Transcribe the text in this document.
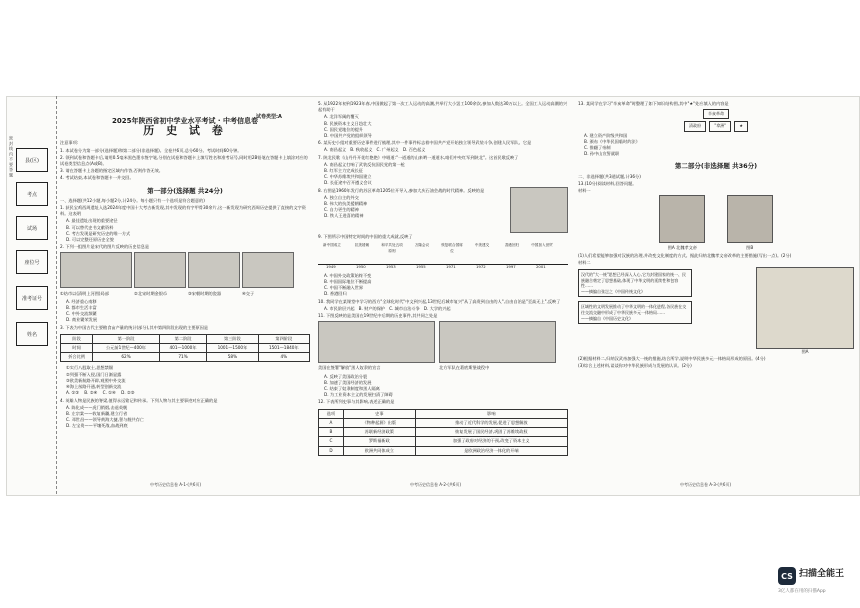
密 封 线 内 不 要 答 题	县(区)
考点
试场
座位号
准考证号
姓名
试卷类型:A
2025年陕西省初中学业水平考试 · 中考信息卷
历 史 试 卷
注意事项:
1. 本试卷分为第一部分(选择题)和第二部分(非选择题)。全卷共6页,总分60分。考试时间60分钟。
2. 领到试卷和答题卡后,请用0.5毫米黑色墨水签字笔,分别在试卷和答题卡上填写姓名和准考证号,同时用2B铅笔在答题卡上填涂对应的试卷类型信息点(A或B)。
3. 请在答题卡上各题的指定区域内作答,否则作答无效。
4. 考试结束,本试卷和答题卡一并交回。
第一部分(选择题 共24分)
一、选择题(共12小题,每小题2分,计24分。每小题只有一个选项是符合题意的)
1. 获民宝鸡西周遗址入选2024年度中国十大考古新发现,其中发现的有字甲骨30余片,这一新发现为研究西周历史提供了直接的文字资料。这表明
A. 最佳遗址出现的重要途径
B. 可以替代史书文献资料
C. 考古发现是研究历史的唯一方式
D. 可以完整还原历史全貌
2. 下列一组图片是宋代的图片反映的历史信息是
①结市以(清明上河图)局部	②北宋时期金银币	③宋朝时期的瓷器	④交子
A. 经济重心南移
B. 都市生活丰富
C. 中外交流频繁
D. 商业繁荣发展
3. 下表为中国古代主要粮食亩产量的统计(部分),其中第四阶段出现的主要原因是
阶段	第一阶段	第二阶段	第三阶段	第四阶段
时间	公元前1世纪—400年	401—1000年	1001—1500年	1501—1840年
折合比例	62%	71%	58%	4%
①实行八股取士,思想禁锢
②列强不断入侵,国门日渐显露
③欧美新航路开辟,观照中外交流
④海上丝路开通,转型创新交流
A. ①③ B. ②④ C. ①④ D. ②③
4. 英雄人物是民族的脊梁,值得永远铭记和传承。下列人物与其主要事迹对应正确的是
A. 陈化成——虎门销烟,击退英舰
B. 左宗棠——收复新疆,建立行省
C. 邓世昌——领导黄海大捷,誓与舰共存亡
D. 左宝贵——平壤死战,血战到底
5. 从1922年初到1923年春,中国掀起了第一次工人运动的高潮,共举行大小罢工100余次,参加人数达30万以上。全国工人运动高潮的兴起有助于
A. 北洋军阀的覆灭
B. 民族资本主义日趋壮大
C. 国民党地位的提升
D. 中国共产党的组织领导
6. 某历史小组对重要历史事件进行梳理,其中一件事件标志着中国共产党开始独立领导武装斗争,创建人民军队。它是
A. 南昌起义 B. 秋收起义 C. 广州起义 D. 百色起义
7. 陕北民歌《山丹丹开花红艳艳》中唱道:"一道道的山来哟一道道水,咱们中央红军到陕北"。这首民歌反映了
A. 南昌起义打响了武装反抗国民党的第一枪
B. 红军主力完成长征
C. 中华苏维埃共和国建立
D. 长征途中召开遵义会议
8. 右图是1960年发行的苏区革命1205位开导入,参加大庆石油会战的时代精神。反映的是
A. 独立自主的外交
B. 伟大的抗美援朝精神
C. 自力更生的精神
D. 铁人王进喜的精神
9. 下图所示中国特定时间的中国的重大成就,反映了
新中国成立	抗美援朝	和平共处五项原则
万隆会议	恢复联合国席位
中美建交	香港回归	中国加入世贸
1949	1950	1953	1955	1971	1972	1997	2001
A. 中国外交政策始终不变
B. 中国国际地位不断提高
C. 中国不断融入世界
D. 香港回归
10. 我同学在某课堂中学习的西方"全球化时代"中文到兴起,13世纪后城市复兴"从了高贵到自由的人",自由自治是"至高无上",反映了
A. 市民阶层兴起 B. 财产的保护 C. 城市自治斗争 D. 大学的兴起
11. 下图反映的是美国在19世纪中后期的历史事件,其共同之处是
美国在签署"解放"黑人奴隶的宣言	北方军队在葛底斯堡战役中
A. 反映了美国政治分裂
B. 加速了美国经济的发展
C. 结束了奴隶制度和黑人隔离
D. 为工业资本主义的发展扫清了障碍
12. 下表所列史事与其影响,表述正确的是
选项	史事	影响
A	《物种起源》出版	推动了近代科学的发展,促进了思想解放
B	苏联新经济政策	恢复发展了国民经济,巩固了苏维埃政权
C	罗斯福新政	加强了政府对经济的干预,改变了资本主义
D	欧洲共同体成立	是欧洲政治经济一体化的开端
13. 某同学在学习"辛亥革命"时整理了如下知识结构图,其中"★"处应填入的内容是
辛亥革命
清政府	"拿洲"	★
A. 建立资产阶级共和国
B. 颁布《中华民国临时约法》
C. 推翻了帝制
D. 孙中山宣誓就职
第二部分(非选择题 共36分)
二、非选择题(共3道试题,计36分)
13.(10分)阅读材料,回答问题。
材料一

图A 北魏孝文帝	图B
(1)人们希望能够加强对汉族的治理,并改变文化制度的方式。据此归纳北魏孝文帝改革的主要措施(写出一点)。(2分)
材料二
汉代的"大一统"思想已经深入人心,它为封建国家的统一、民族融合奠定了思想基础,体现了中华文明的延续性和包容性……
——摘编自张岂之《中国传统文化》 区域性的文明发展推动了中华文明的一体化进程,各民族在交往交流交融中形成了中华民族多元一体格局……
——摘编自《中国历史文化》
图A
(2)根据材料二,归纳汉武帝加强大一统的措施,结合所学,说明中华民族多元一体格局形成的原因。(4分)
(3)综合上述材料,谈谈你对中华民族形成与发展的认识。(2分)
中考历史信息卷 A-1-(共6页)	中考历史信息卷 A-2-(共6页)	中考历史信息卷 A-3-(共6页)
CS 扫描全能王
3亿人都在用的扫描App
